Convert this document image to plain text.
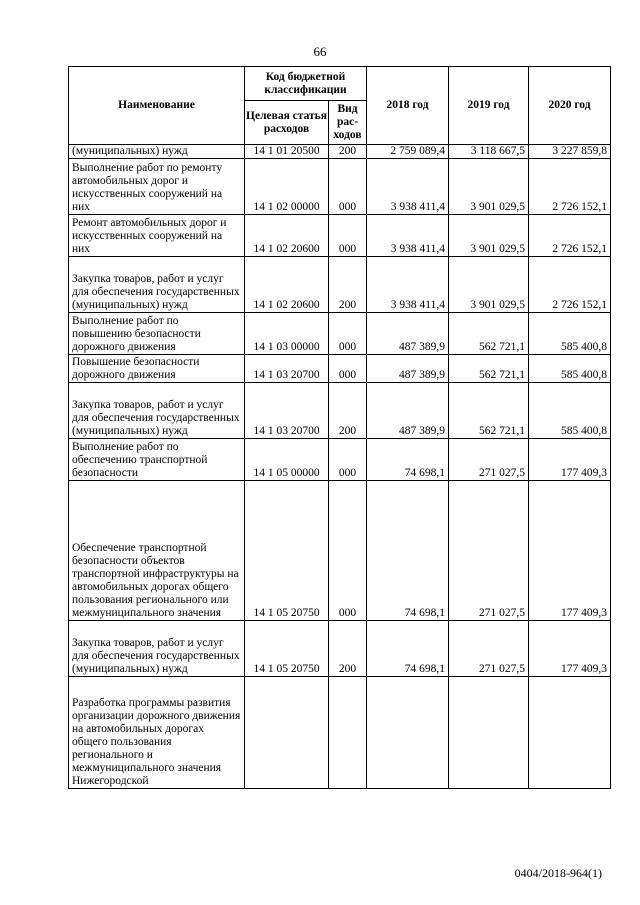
66
Наименование	Код бюджетной классификации		2018 год	2019 год	2020 год
	Целевая статья расходов	Вид рас-ходов			
(муниципальных) нужд	14 1 01 20500	200	2 759 089,4	3 118 667,5	3 227 859,8
Выполнение работ по ремонту автомобильных дорог и искусственных сооружений на них	14 1 02 00000	000	3 938 411,4	3 901 029,5	2 726 152,1
Ремонт автомобильных дорог и искусственных сооружений на них	14 1 02 20600	000	3 938 411,4	3 901 029,5	2 726 152,1
Закупка товаров, работ и услуг для обеспечения государственных (муниципальных) нужд	14 1 02 20600	200	3 938 411,4	3 901 029,5	2 726 152,1
Выполнение работ по повышению безопасности дорожного движения	14 1 03 00000	000	487 389,9	562 721,1	585 400,8
Повышение безопасности дорожного движения	14 1 03 20700	000	487 389,9	562 721,1	585 400,8
Закупка товаров, работ и услуг для обеспечения государственных (муниципальных) нужд	14 1 03 20700	200	487 389,9	562 721,1	585 400,8
Выполнение работ по обеспечению транспортной безопасности	14 1 05 00000	000	74 698,1	271 027,5	177 409,3
Обеспечение транспортной безопасности объектов транспортной инфраструктуры на автомобильных дорогах общего пользования регионального или межмуниципального значения	14 1 05 20750	000	74 698,1	271 027,5	177 409,3
Закупка товаров, работ и услуг для обеспечения государственных (муниципальных) нужд	14 1 05 20750	200	74 698,1	271 027,5	177 409,3
Разработка программы развития организации дорожного движения на автомобильных дорогах общего пользования регионального и межмуниципального значения Нижегородской					
0404/2018-964(1)
